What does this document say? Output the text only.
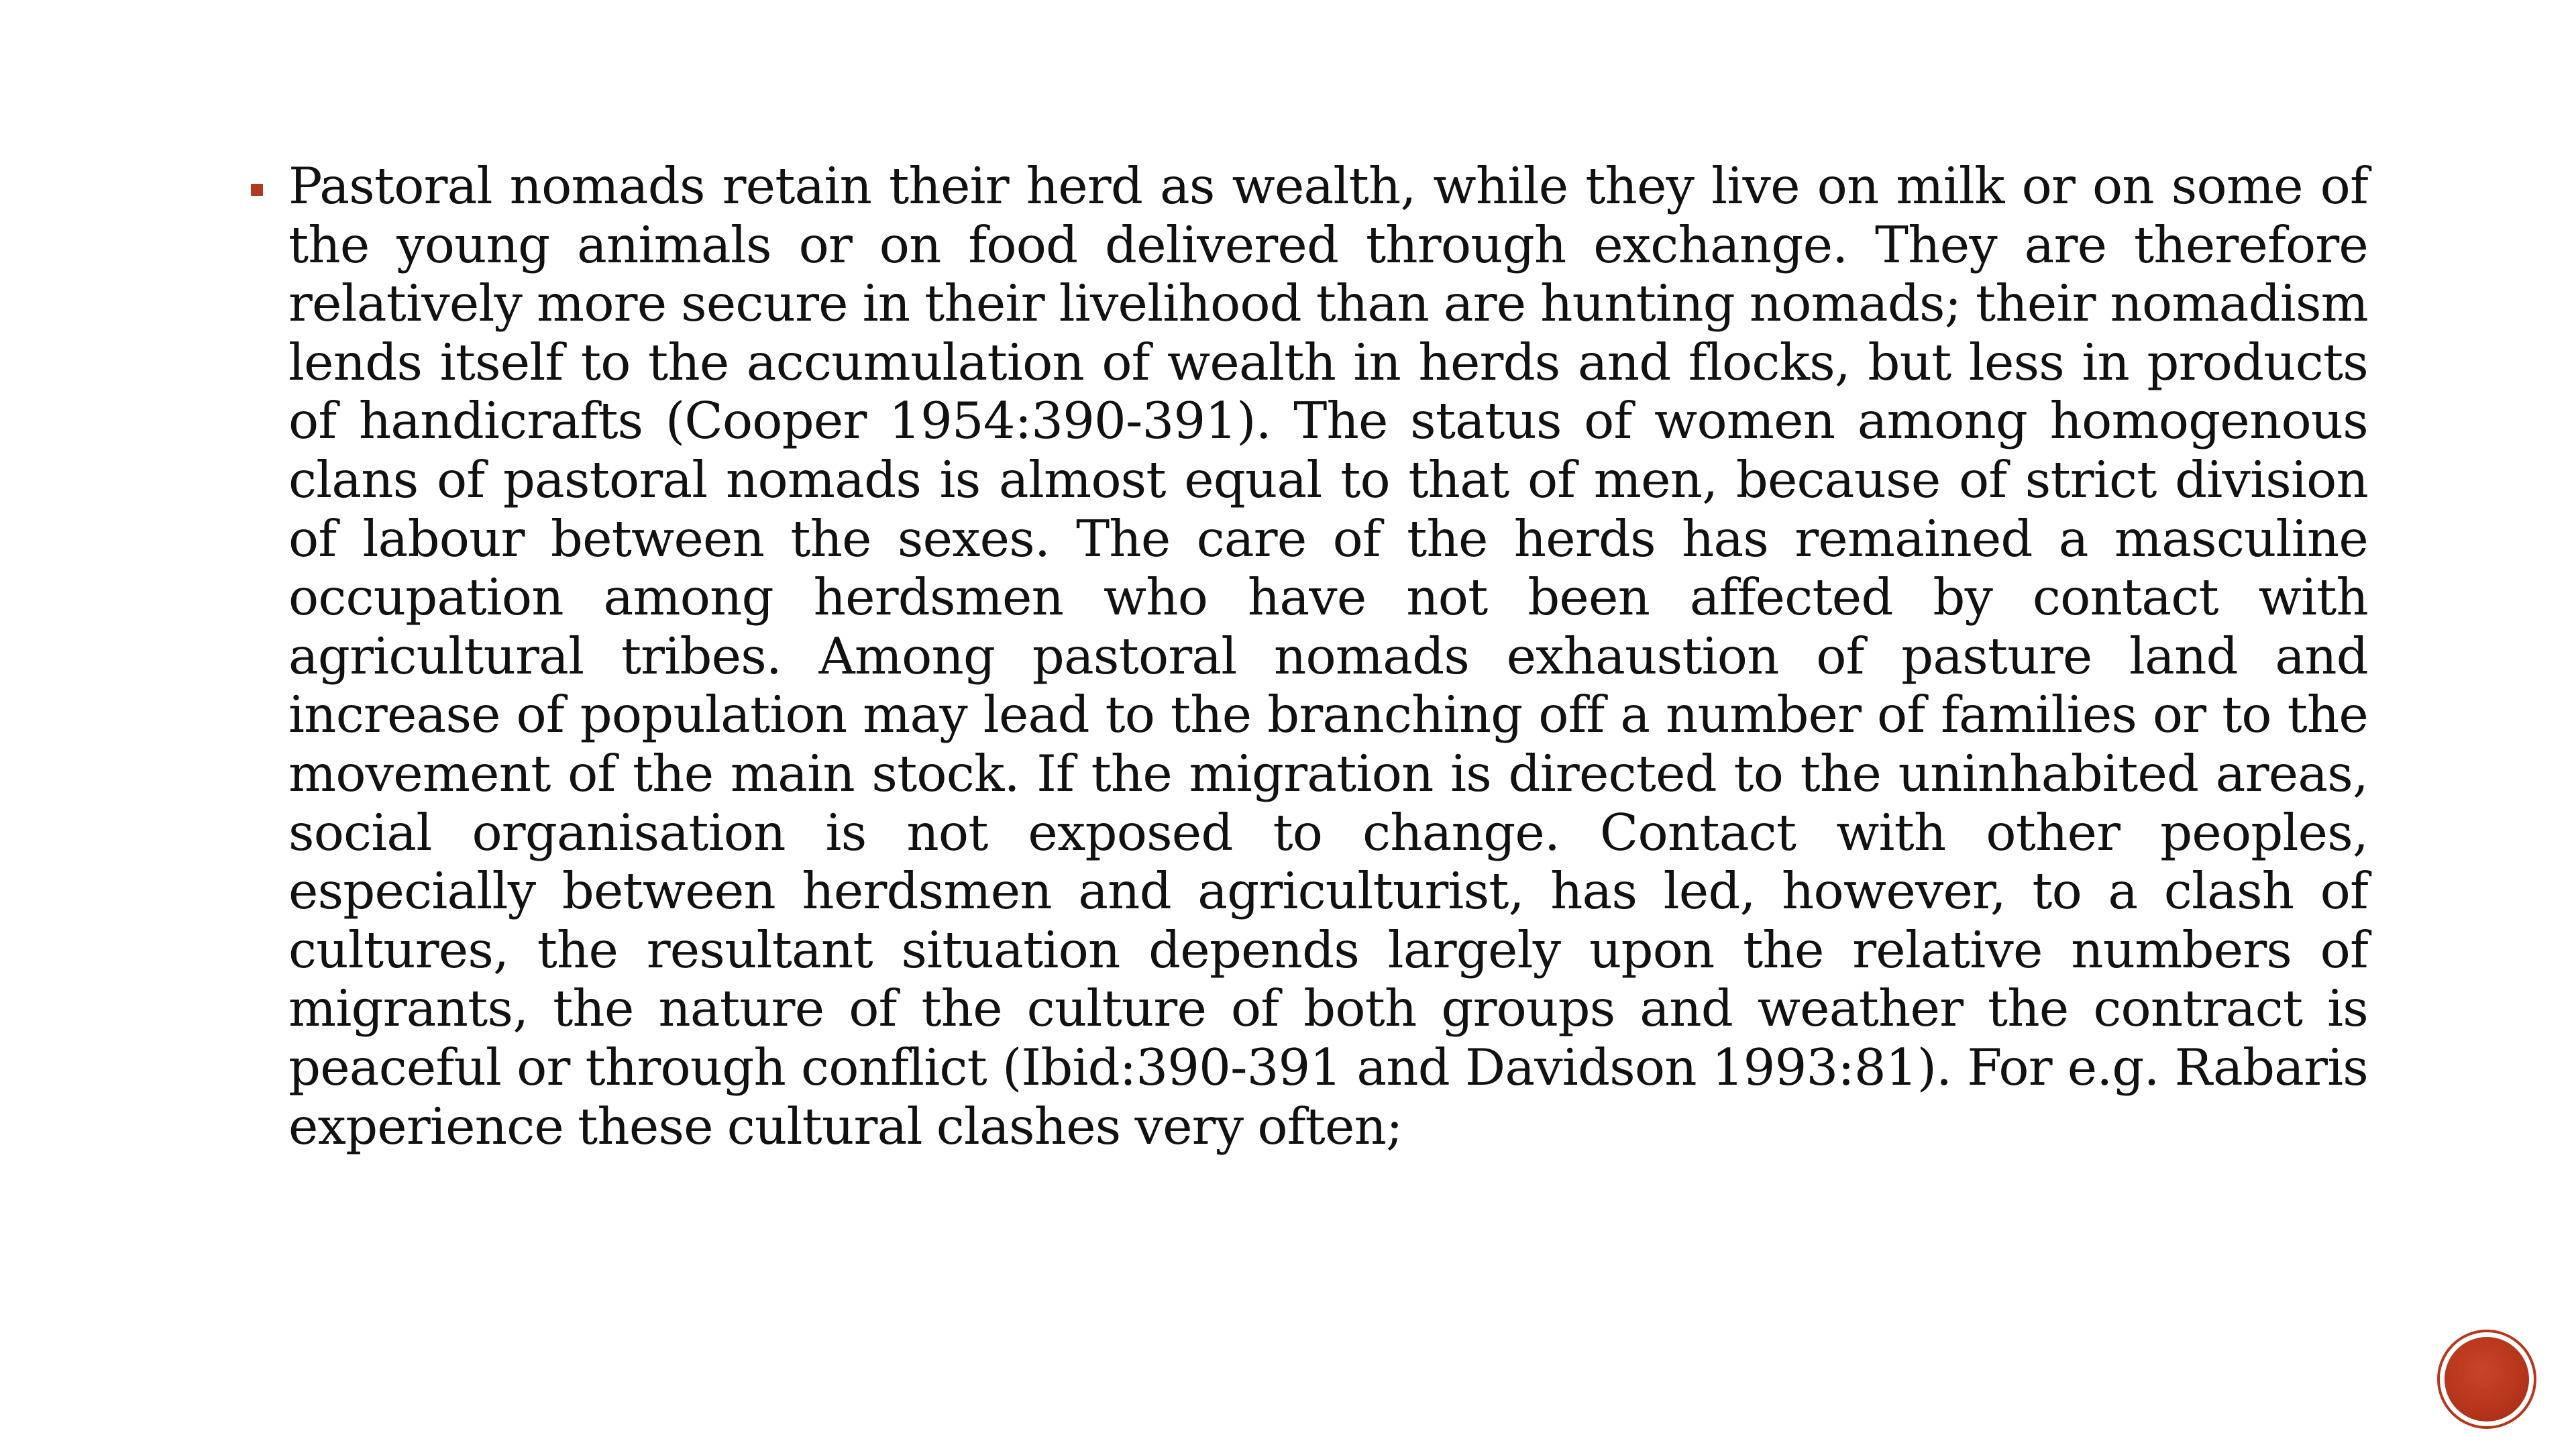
Pastoral nomads retain their herd as wealth, while they live on milk or on some of the young animals or on food delivered through exchange. They are therefore relatively more secure in their livelihood than are hunting nomads; their nomadism lends itself to the accumulation of wealth in herds and flocks, but less in products of handicrafts (Cooper 1954:390-391). The status of women among homogenous clans of pastoral nomads is almost equal to that of men, because of strict division of labour between the sexes. The care of the herds has remained a masculine occupation among herdsmen who have not been affected by contact with agricultural tribes. Among pastoral nomads exhaustion of pasture land and increase of population may lead to the branching off a number of families or to the movement of the main stock. If the migration is directed to the uninhabited areas, social organisation is not exposed to change. Contact with other peoples, especially between herdsmen and agriculturist, has led, however, to a clash of cultures, the resultant situation depends largely upon the relative numbers of migrants, the nature of the culture of both groups and weather the contract is peaceful or through conflict (Ibid:390-391 and Davidson 1993:81). For e.g. Rabaris experience these cultural clashes very often;
